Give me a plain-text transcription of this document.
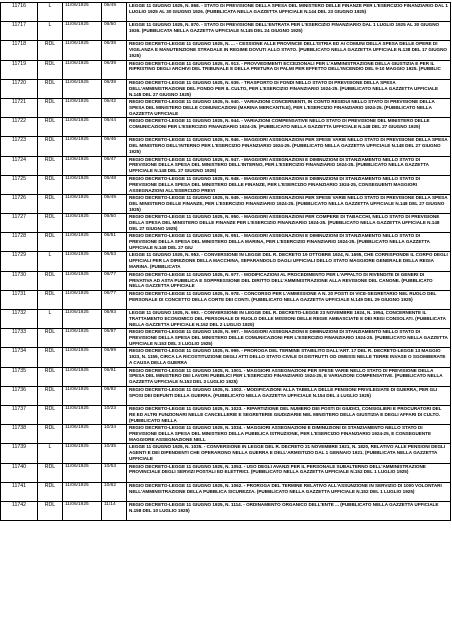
11716	L	11/06/1925	06/49	LEGGE 11 GIUGNO 1925, N. 868. - STATO DI PREVISIONE DELLA SPESA DEL MINISTERO DELLE FINANZE PER L'ESERCIZIO FINANZIARIO DAL 1 LUGLIO 1925 AL 30 GIUGNO 1926. (PUBBLICATA NELLA GAZZETTA UFFICIALE N.144 DEL 23 GIUGNO 1925)
11717	L	11/06/1925	06/50	LEGGE 11 GIUGNO 1925, N. 870. - STATO DI PREVISIONE DELL'ENTRATA PER L'ESERCIZIO FINANZIARIO DAL 1 LUGLIO 1925 AL 30 GIUGNO 1926. (PUBBLICATA NELLA GAZZETTA UFFICIALE N.145 DEL 24 GIUGNO 1925)
11718	RDL	11/06/1925	06/38	REGIO DECRETO-LEGGE 11 GIUGNO 1925, N. ... - CESSIONE ALLE PROVINCIE DELL'ISTRIA ED AI COMUNI DELLA SPESA DELLE OPERE DI VIGILANZA E MANUTENZIONE STRADALE IN REGIME DOVUTI ALLO STATO. (PUBBLICATO NELLA GAZZETTA UFFICIALE N.138 DEL 17 GIUGNO 1925)
11719	RDL	11/06/1925	06/39	REGIO DECRETO-LEGGE 11 GIUGNO 1925, N. 913. - PROVVEDIMENTI ECCEZIONALI PER L'AMMINISTRAZIONE DELLA GIUSTIZIA E PER IL RIPRISTINO DEGLI ARCHIVI DEL TRIBUNALE E DELLA PRETURA DI PALMI PER EFFETTO DELL'INCENDIO DEL 9-10 MAGGIO 1925. (PUBBLIC
11720	RDL	11/06/1925	06/39	REGIO DECRETO-LEGGE 11 GIUGNO 1925, N. 939. - TRASPORTO DI FONDI NELLO STATO DI PREVISIONE DELLA SPESA DELL'AMMINISTRAZIONE DEL FONDO PER IL CULTO, PER L'ESERCIZIO FINANZIARIO 1924-25. (PUBBLICATO NELLA GAZZETTA UFFICIALE N.148 DEL 27 GIUGNO 1925)
11721	RDL	11/06/1925	06/42	REGIO DECRETO-LEGGE 11 GIUGNO 1925, N. 940. - VARIAZIONI CONCERNENTI, IN CONTO RESIDUI NELLO STATO DI PREVISIONE DELLA SPESA DEL MINISTERO DELLE COMUNICAZIONI (MARINA MERCANTILE), PER L'ESERCIZIO FINANZIARIO 1924-25. (PUBBLICATO NELLA GAZZETTA UFFICIALE
11722	RDL	11/06/1925	06/44	REGIO DECRETO-LEGGE 11 GIUGNO 1925, N. 944. - VARIAZIONI COMPENSATIVE NELLO STATO DI PREVISIONE DEL MINISTERO DELLE COMUNICAZIONI PER L'ESERCIZIO FINANZIARIO 1924-25. (PUBBLICATO NELLA GAZZETTA UFFICIALE N.148 DEL 27 GIUGNO 1925)
11723	RDL	11/06/1925	06/46	REGIO DECRETO-LEGGE 11 GIUGNO 1925, N. 946. - MAGGIORI ASSEGNAZIONI PER SPESE VARIE NELLO STATO DI PREVISIONE DELLA SPESA DEL MINISTERO DELL'INTERNO PER L'ESERCIZIO FINANZIARIO 1924-25. (PUBBLICATO NELLA GAZZETTA UFFICIALE N.148 DEL 27 GIUGNO 1925)
11724	RDL	11/06/1925	06/47	REGIO DECRETO-LEGGE 11 GIUGNO 1925, N. 947. - MAGGIORI ASSEGNAZIONI E DIMINUZIONI DI STANZIAMENTO NELLO STATO DI PREVISIONE DELLA SPESA DEL MINISTERO DELL'INTERNO, PER L'ESERCIZIO FINANZIARIO 1924-25. (PUBBLICATO NELLA GAZZETTA UFFICIALE N.148 DEL 27 GIUGNO 1925)
11725	RDL	11/06/1925	06/48	REGIO DECRETO-LEGGE 11 GIUGNO 1925, N. 948. - MAGGIORI ASSEGNAZIONI E DIMINUZIONI DI STANZIAMENTO NELLO STATO DI PREVISIONE DELLA SPESA DEL MINISTERO DELLE FINANZE, PER L'ESERCIZIO FINANZIARIO 1924-25, CONSEGUENTI MAGGIORI ASSEGNAZIONI ALL'ESERCIZIO PREVI
11726	RDL	11/06/1925	06/49	REGIO DECRETO-LEGGE 11 GIUGNO 1925, N. 949. - MAGGIORI ASSEGNAZIONI PER SPESE VARIE NELLO STATO DI PREVISIONE DELLA SPESA DEL MINISTERO DELLE FINANZE, PER L'ESERCIZIO FINANZIARIO 1924-25. (PUBBLICATO NELLA GAZZETTA UFFICIALE N.148 DEL 27 GIUGNO 1925)
11727	RDL	11/06/1925	06/50	REGIO DECRETO-LEGGE 11 GIUGNO 1925, N. 950. - MAGGIORI ASSEGNAZIONI PER COMPERE DI TABACCHI, NELLO STATO DI PREVISIONE DELLA SPESA DEL MINISTERO DELLE FINANZE PER L'ESERCIZIO FINANZIARIO 1924-25. (PUBBLICATO NELLA GAZZETTA UFFICIALE N.148 DEL 27 GIUGNO 1925)
11728	RDL	11/06/1925	06/51	REGIO DECRETO-LEGGE 11 GIUGNO 1925, N. 951. - MAGGIORI ASSEGNAZIONI E DIMINUZIONI DI STANZIAMENTO NELLO STATO DI PREVISIONE DELLA SPESA DEL MINISTERO DELLA MARINA, PER L'ESERCIZIO FINANZIARIO 1924-25. (PUBBLICATO NELLA GAZZETTA UFFICIALE N.148 DEL 27 GIU
11729	L	11/06/1925	06/53	LEGGE 11 GIUGNO 1925, N. 953. - CONVERSIONE IN LEGGE DEL R. DECRETO 19 OTTOBRE 1924, N. 1695, CHE CORRISPONDE IL CORPO DEGLI UFFICIALI PER LA DIREZIONE DELLA MACCHINA, SEPARANDOLO DAGLI UFFICIALI DELLO STATO MAGGIORE GENERALE DELLA REGIA MARINA. (PUBBLICATA
11730	RDL	11/06/1925	06/77	REGIO DECRETO-LEGGE 11 GIUGNO 1925, N. 977. - MODIFICAZIONI AL PROCEDIMENTO PER L'APPALTO DI RIVENDITE DI GENERI DI PRIVATIVA AD ASTA PUBBLICA E SOPPRESSIONE DEL DIRITTO DELL'AMMINISTRAZIONE ALLA REVISIONE DEL CANONE. (PUBBLICATO NELLA GAZZETTA UFFICIALE
11731	RDL	11/06/1925	06/77	REGIO DECRETO-LEGGE 11 GIUGNO 1925, N. 978. - CONCORSO PER L'AMMISSIONE A N. 20 POSTI DI VICE-SEGRETARIO NEL RUOLO DEL PERSONALE DI CONCETTO DELLA CORTE DEI CONTI. (PUBBLICATO NELLA GAZZETTA UFFICIALE N.149 DEL 29 GIUGNO 1925)
11732	L	11/06/1925	06/93	LEGGE 11 GIUGNO 1925, N. 993. - CONVERSIONE IN LEGGE DEL R. DECRETO-LEGGE 23 NOVEMBRE 1924, N. 1954, CONCERNENTE IL TRATTAMENTO ECONOMICO DEL PERSONALE DI RUOLO DELLE MISSIONI DELLE REGIE AMBASCIATE E DEI REGI CONSOLATI. (PUBBLICATA NELLA GAZZETTA UFFICIALE N.152 DEL 2 LUGLIO 1925)
11733	RDL	11/06/1925	06/97	REGIO DECRETO-LEGGE 11 GIUGNO 1925, N. 997. - MAGGIORI ASSEGNAZIONI E DIMINUZIONI DI STANZIAMENTO NELLO STATO DI PREVISIONE DELLA SPESA DEL MINISTERO DELLE COMUNICAZIONI PER L'ESERCIZIO FINANZIARIO 1924-25. (PUBBLICATO NELLA GAZZETTA UFFICIALE N.153 DEL 3 LUGLIO 1925)
11734	RDL	11/06/1925	06/99	REGIO DECRETO-LEGGE 11 GIUGNO 1925, N. 999. - PROROGA DEL TERMINE STABILITO DALL'ART. 17 DEL R. DECRETO-LEGGE 13 MAGGIO 1923, N. 1159, CIRCA LA RICOSTITUZIONE DEGLI ATTI DELLO STATO CIVILE DI DISTRUTTI OD OMESSI NELLE TERRE INVASE O SGOMBERATE A CAUSA DELLA GUERRA
11735	RDL	11/06/1925	06/91	REGIO DECRETO-LEGGE 11 GIUGNO 1925, N. 1001. - MAGGIORI ASSEGNAZIONI PER SPESE VARIE NELLO STATO DI PREVISIONE DELLA SPESA DEL MINISTERO DEI LAVORI PUBBLICI PER L'ESERCIZIO FINANZIARIO 1924-25, E VARIAZIONI COMPENSATIVE. (PUBBLICATO NELLA GAZZETTA UFFICIALE N.153 DEL 3 LUGLIO 1925)
11736	RDL	11/06/1925	06/92	REGIO DECRETO-LEGGE 11 GIUGNO 1925, N. 1002. - MODIFICAZIONI ALLA TABELLA DELLE PENSIONI PRIVILEGIATE DI GUERRA, PER GLI SPOSI DEI DEFUNTI DELLA GUERRA. (PUBBLICATO NELLA GAZZETTA UFFICIALE N.154 DEL 4 LUGLIO 1925)
11737	RDL	11/06/1925	10/23	REGIO DECRETO-LEGGE 11 GIUGNO 1925, N. 1023. - RIPARTIZIONE DEL NUMERO DEI POSTI DI GIUDICI, CONSIGLIERI E PROCURATORI DEL RE ED ALTRI FUNZIONARI NELLE CANCELLERIE E SEGRETERIE GIUDIZIARIE NEL MINISTERO DELLA GIUSTIZIA E DEGLI AFFARI DI CULTO. (PUBBLICATO NELLA
11738	RDL	11/06/1925	10/34	REGIO DECRETO-LEGGE 11 GIUGNO 1925, N. 1034. - MAGGIORI ASSEGNAZIONI E DIMINUZIONI DI STANZIAMENTO NELLO STATO DI PREVISIONE DELLA SPESA DEL MINISTERO DELLA PUBBLICA ISTRUZIONE, PER L'ESERCIZIO FINANZIARIO 1924-25, E CONSEGUENTE MAGGIORE ASSEGNAZIONE NELL
11739	L	11/06/1925	10/35	LEGGE 11 GIUGNO 1925, N. 1035. - CONVERSIONE IN LEGGE DEL R. DECRETO 21 NOVEMBRE 1921, N. 1820, RELATIVO ALLE PENSIONI DEGLI AGENTI E DEI DIPENDENTI CHE OPERARONO NELLA GUERRA E DELL'ARMISTIZIO DAL 1 GENNAIO 1921. (PUBBLICATA NELLA GAZZETTA UFFICIALE
11740	RDL	11/06/1925	10/53	REGIO DECRETO-LEGGE 11 GIUGNO 1925, N. 1053. - USO DEGLI AVANZI PER IL PERSONALE SUBALTERNO DELL'AMMINISTRAZIONE PROVINCIALE DEGLI SERVIZI POSTALI ED ELETTRICI. (PUBBLICATO NELLA GAZZETTA UFFICIALE N.152 DEL 1 LUGLIO 1925)
11741	RDL	11/06/1925	10/62	REGIO DECRETO-LEGGE 11 GIUGNO 1925, N. 1062. - PROROGA DEL TERMINE RELATIVO ALL'ASSUNZIONE IN SERVIZIO DI 1000 VOLONTARI NELL'AMMINISTRAZIONE DELLA PUBBLICA SICUREZZA. (PUBBLICATO NELLA GAZZETTA UFFICIALE N.152 DEL 1 LUGLIO 1925)
11742	RDL	11/06/1925	11/14	REGIO DECRETO-LEGGE 11 GIUGNO 1925, N. 1114. - ORDINAMENTO ORGANICO DELL'ENTE ... (PUBBLICATO NELLA GAZZETTA UFFICIALE N.158 DEL 10 LUGLIO 1925)
